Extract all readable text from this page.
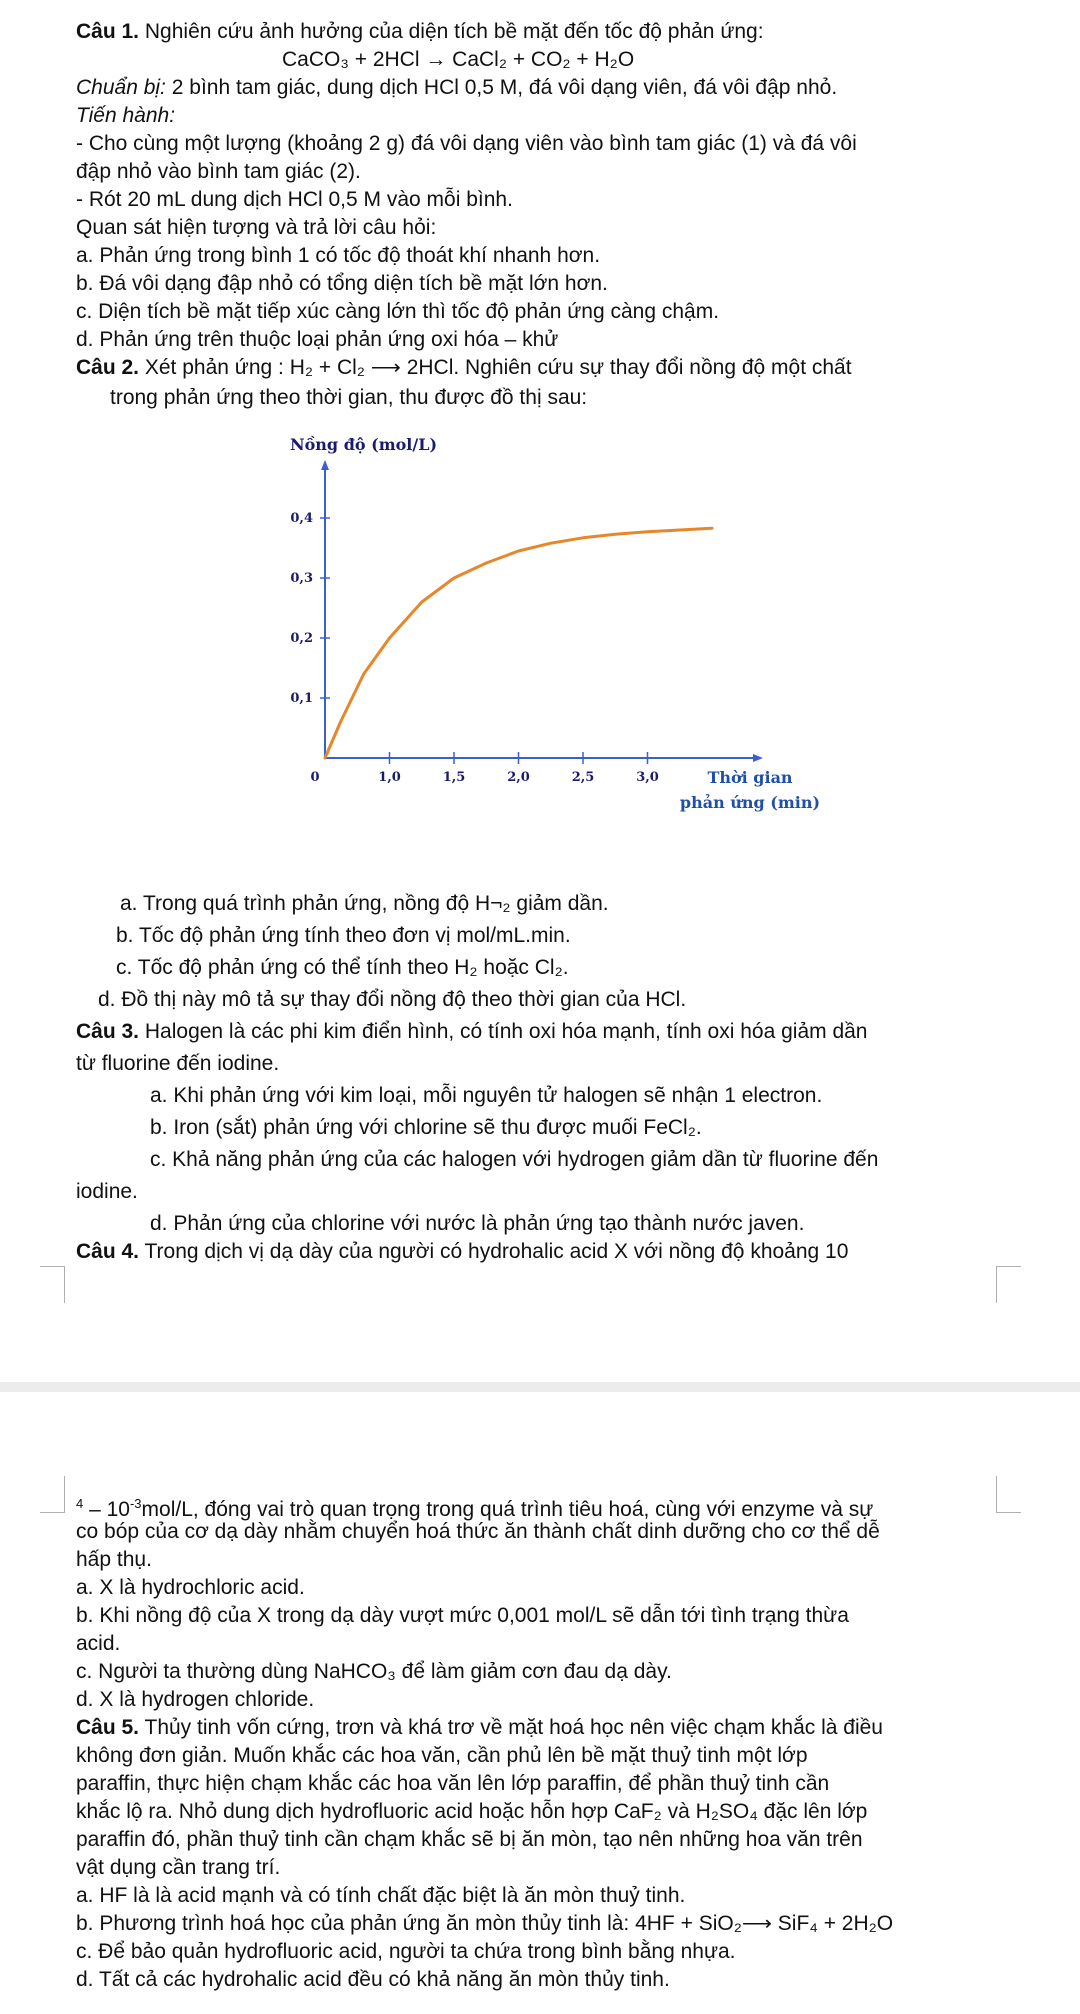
Câu 1. Nghiên cứu ảnh hưởng của diện tích bề mặt đến tốc độ phản ứng:
CaCO₃ + 2HCl → CaCl₂ + CO₂ + H₂O
Chuẩn bị: 2 bình tam giác, dung dịch HCl 0,5 M, đá vôi dạng viên, đá vôi đập nhỏ.
Tiến hành:
- Cho cùng một lượng (khoảng 2 g) đá vôi dạng viên vào bình tam giác (1) và đá vôi
đập nhỏ vào bình tam giác (2).
- Rót 20 mL dung dịch HCl 0,5 M vào mỗi bình.
Quan sát hiện tượng và trả lời câu hỏi:
a. Phản ứng trong bình 1 có tốc độ thoát khí nhanh hơn.
b. Đá vôi dạng đập nhỏ có tổng diện tích bề mặt lớn hơn.
c. Diện tích bề mặt tiếp xúc càng lớn thì tốc độ phản ứng càng chậm.
d. Phản ứng trên thuộc loại phản ứng oxi hóa – khử
Câu 2. Xét phản ứng : H₂ + Cl₂ ⟶ 2HCl. Nghiên cứu sự thay đổi nồng độ một chất
trong phản ứng theo thời gian, thu được đồ thị sau:
Nồng độ (mol/L)
0,1
0,2
0,3
0,4
1,0	1,5	2,0	2,5	3,0
0	Thời gian
phản ứng (min)
a. Trong quá trình phản ứng, nồng độ H¬₂ giảm dần.
b. Tốc độ phản ứng tính theo đơn vị mol/mL.min.
c. Tốc độ phản ứng có thể tính theo H₂ hoặc Cl₂.
d. Đồ thị này mô tả sự thay đổi nồng độ theo thời gian của HCl.
Câu 3. Halogen là các phi kim điển hình, có tính oxi hóa mạnh, tính oxi hóa giảm dần
từ fluorine đến iodine.
a. Khi phản ứng với kim loại, mỗi nguyên tử halogen sẽ nhận 1 electron.
b. Iron (sắt) phản ứng với chlorine sẽ thu được muối FeCl₂.
c. Khả năng phản ứng của các halogen với hydrogen giảm dần từ fluorine đến
iodine.
d. Phản ứng của chlorine với nước là phản ứng tạo thành nước javen.
Câu 4. Trong dịch vị dạ dày của người có hydrohalic acid X với nồng độ khoảng 10
$^4 - 10^{-3}mol/L$, đóng vai trò quan trọng trong quá trình tiêu hoá, cùng với enzyme và sự
co bóp của cơ dạ dày nhằm chuyển hoá thức ăn thành chất dinh dưỡng cho cơ thể dễ
hấp thụ.
a. X là hydrochloric acid.
b. Khi nồng độ của X trong dạ dày vượt mức 0,001 mol/L sẽ dẫn tới tình trạng thừa
acid.
c. Người ta thường dùng NaHCO₃ để làm giảm cơn đau dạ dày.
d. X là hydrogen chloride.
Câu 5. Thủy tinh vốn cứng, trơn và khá trơ về mặt hoá học nên việc chạm khắc là điều
không đơn giản. Muốn khắc các hoa văn, cần phủ lên bề mặt thuỷ tinh một lớp
paraffin, thực hiện chạm khắc các hoa văn lên lớp paraffin, để phần thuỷ tinh cần
khắc lộ ra. Nhỏ dung dịch hydrofluoric acid hoặc hỗn hợp CaF₂ và H₂SO₄ đặc lên lớp
paraffin đó, phần thuỷ tinh cần chạm khắc sẽ bị ăn mòn, tạo nên những hoa văn trên
vật dụng cần trang trí.
a. HF là là acid mạnh và có tính chất đặc biệt là ăn mòn thuỷ tinh.
b. Phương trình hoá học của phản ứng ăn mòn thủy tinh là: 4HF + SiO₂⟶ SiF₄ + 2H₂O
c. Để bảo quản hydrofluoric acid, người ta chứa trong bình bằng nhựa.
d. Tất cả các hydrohalic acid đều có khả năng ăn mòn thủy tinh.
